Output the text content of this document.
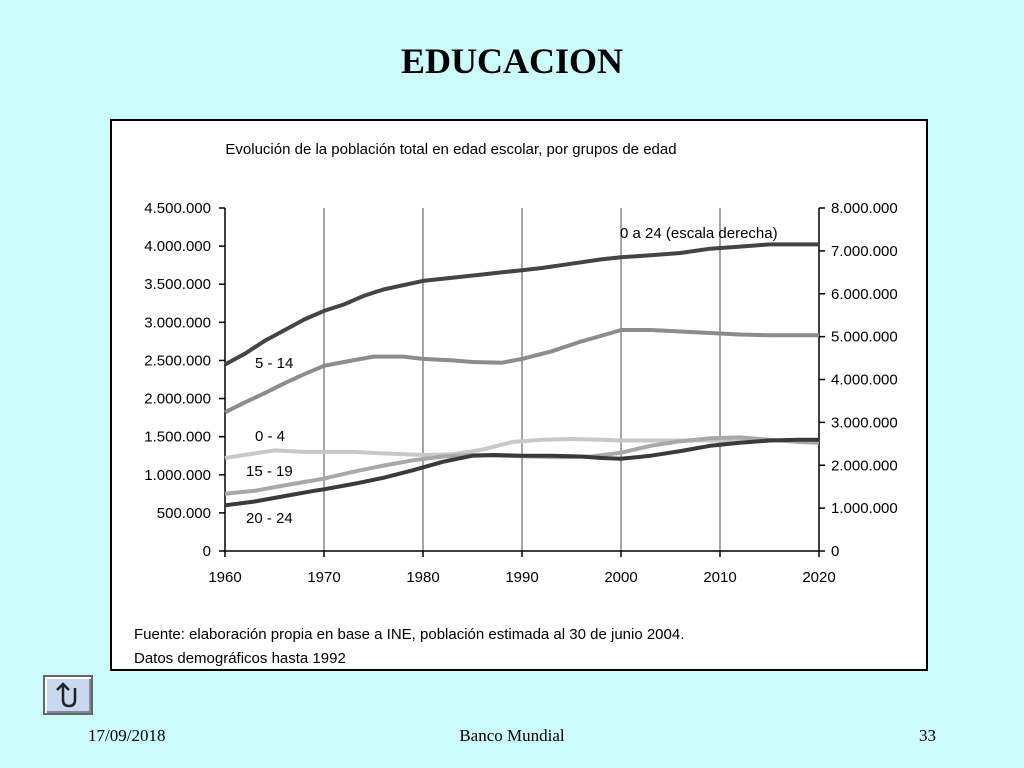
EDUCACION
Evolución de la población total en edad escolar, por grupos de edad
0
500.000
1.000.000
1.500.000
2.000.000
2.500.000
3.000.000
3.500.000
4.000.000
4.500.000
0
1.000.000
2.000.000
3.000.000
4.000.000
5.000.000
6.000.000
7.000.000
8.000.000
1960	1970	1980	1990	2000	2010	2020
5 - 14
0 - 4
15 - 19
20 - 24
0 a 24 (escala derecha)
Fuente: elaboración propia en base a INE, población estimada al 30 de junio 2004.
Datos demográficos hasta 1992
17/09/2018	Banco Mundial	33
